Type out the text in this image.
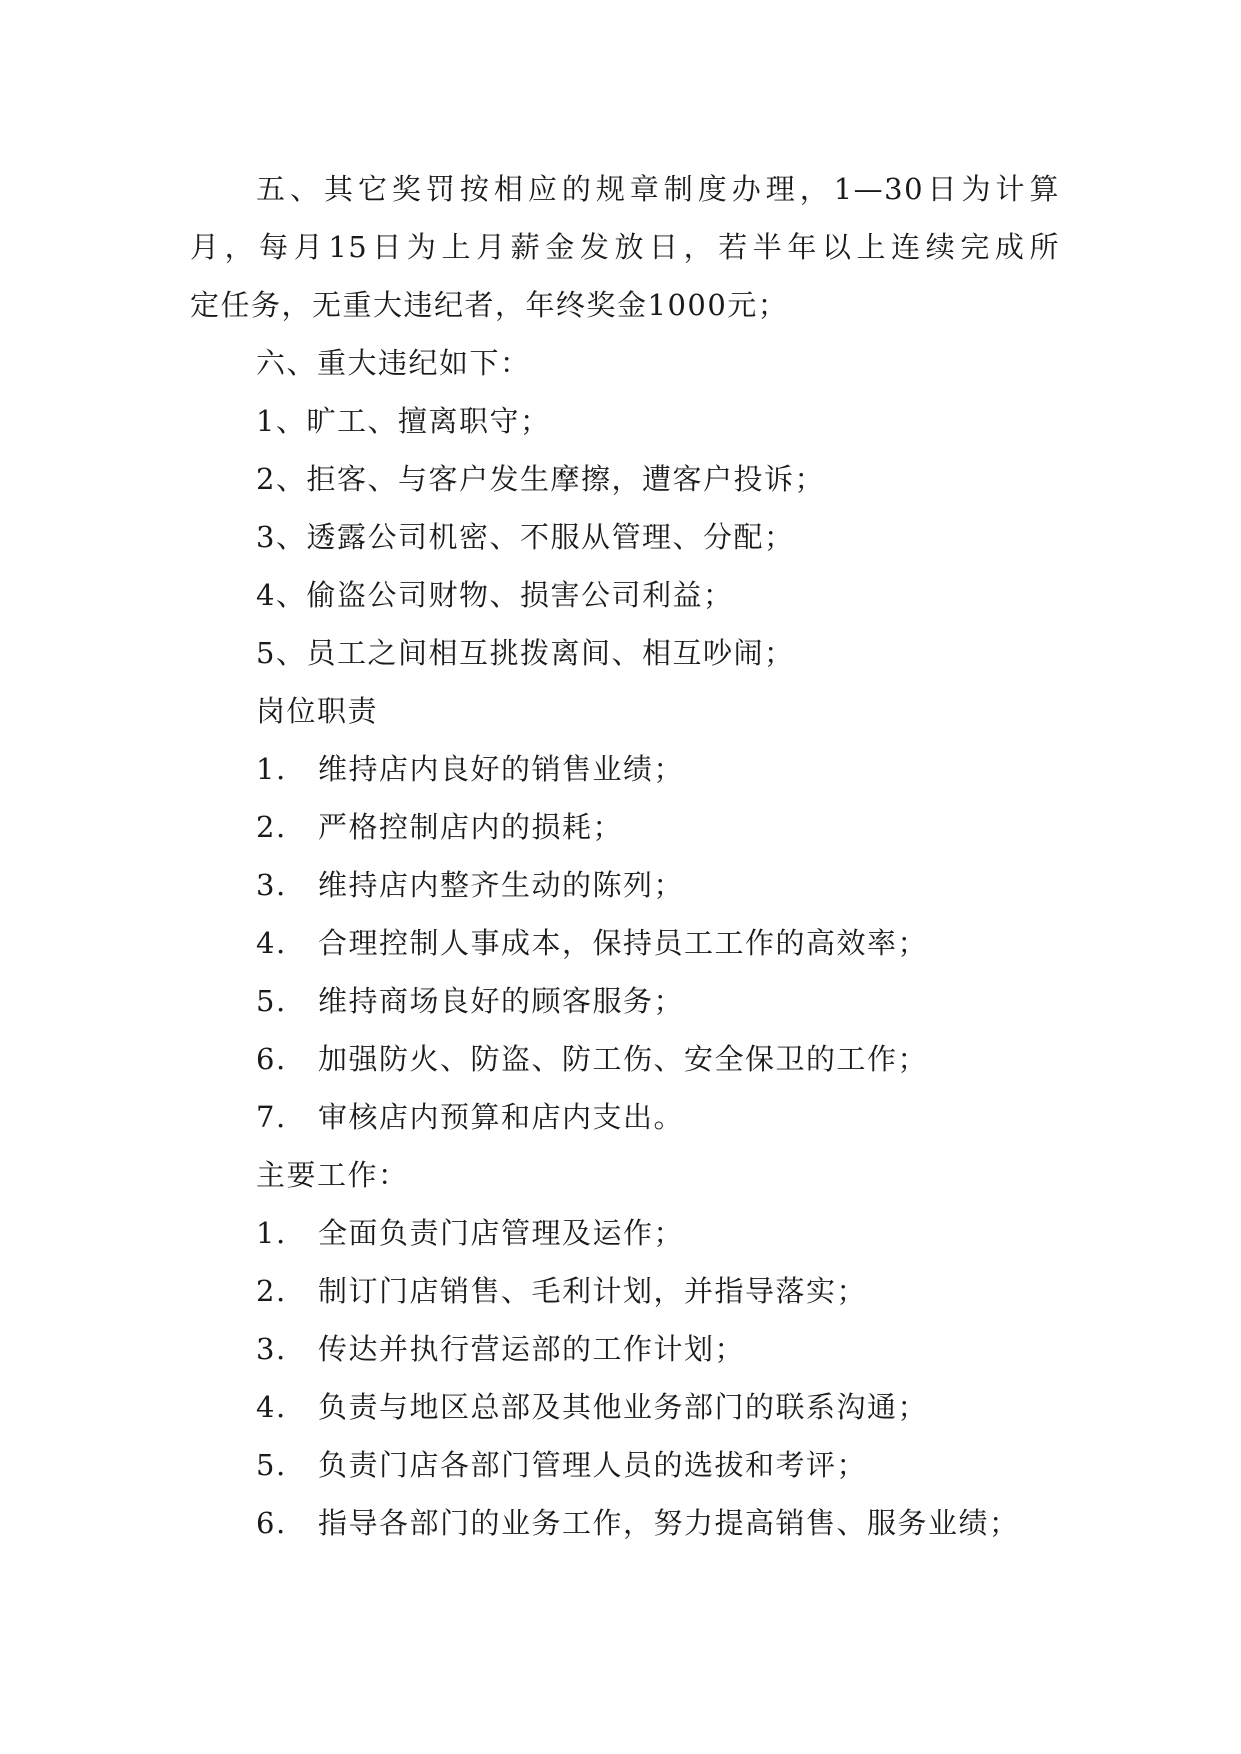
五、其它奖罚按相应的规章制度办理，1—30日为计算
月，每月15日为上月薪金发放日，若半年以上连续完成所
定任务，无重大违纪者，年终奖金1000元；
六、重大违纪如下：
1、旷工、擅离职守；
2、拒客、与客户发生摩擦，遭客户投诉；
3、透露公司机密、不服从管理、分配；
4、偷盗公司财物、损害公司利益；
5、员工之间相互挑拨离间、相互吵闹；
岗位职责
1. 维持店内良好的销售业绩；
2. 严格控制店内的损耗；
3. 维持店内整齐生动的陈列；
4. 合理控制人事成本，保持员工工作的高效率；
5. 维持商场良好的顾客服务；
6. 加强防火、防盗、防工伤、安全保卫的工作；
7. 审核店内预算和店内支出。
主要工作：
1. 全面负责门店管理及运作；
2. 制订门店销售、毛利计划，并指导落实；
3. 传达并执行营运部的工作计划；
4. 负责与地区总部及其他业务部门的联系沟通；
5. 负责门店各部门管理人员的选拔和考评；
6. 指导各部门的业务工作，努力提高销售、服务业绩；
